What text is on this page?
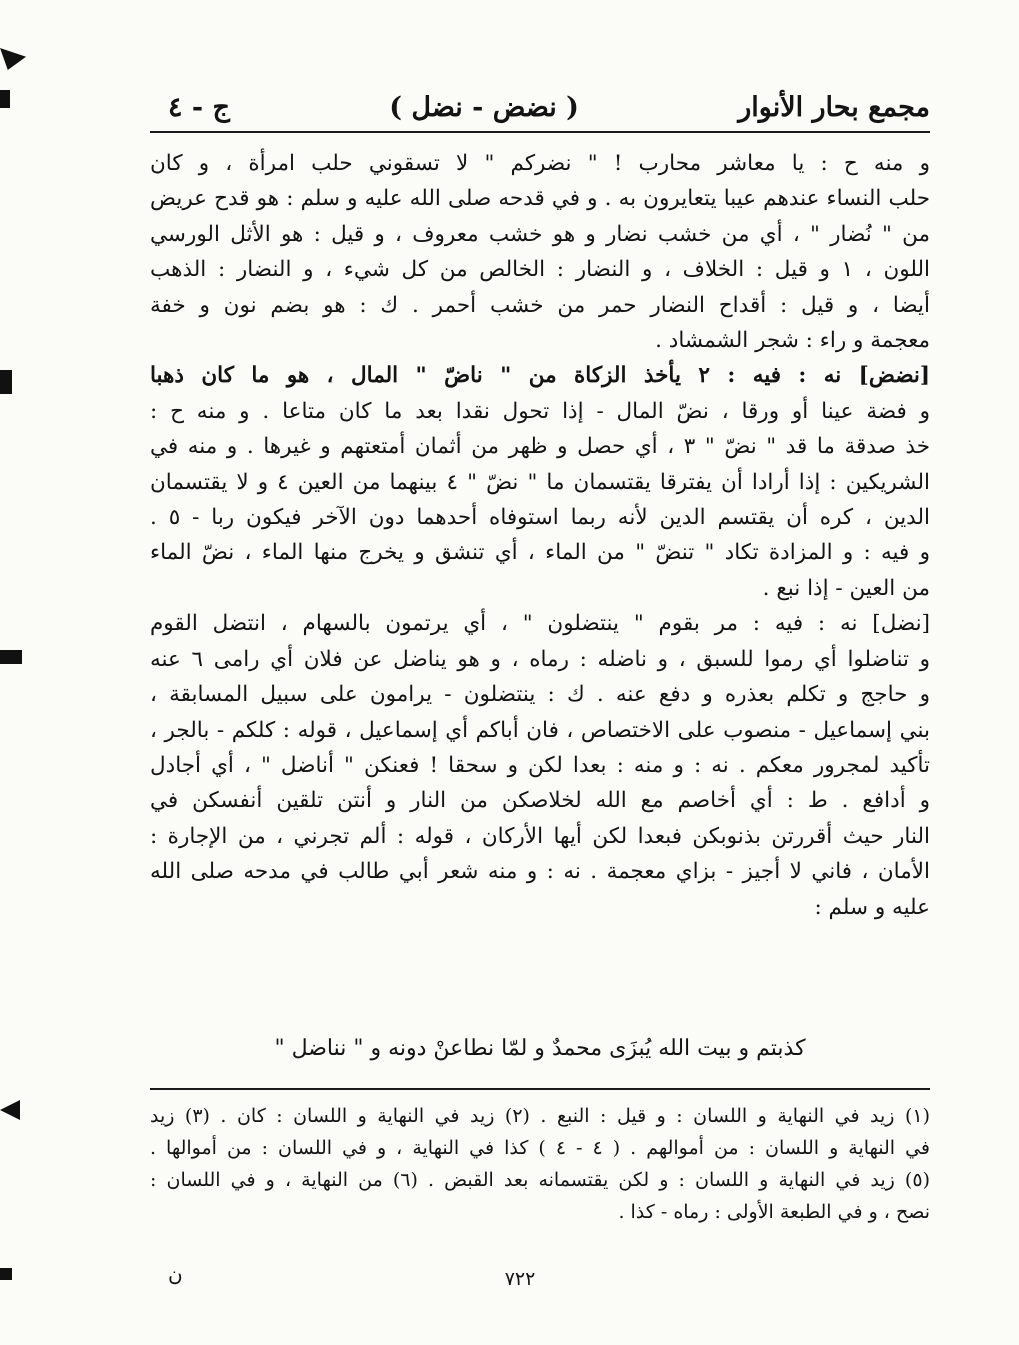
مجمع بحار الأنوار
( نضض - نضل )
ج - ٤
و منه ح : يا معاشر محارب ! " نضركم " لا تسقوني حلب امرأة ، و كان
حلب النساء عندهم عيبا يتعايرون به . و في قدحه صلى الله عليه و سلم : هو قدح عريض
من " نُضار " ، أي من خشب نضار و هو خشب معروف ، و قيل : هو الأثل الورسي
اللون ، ١ و قيل : الخلاف ، و النضار : الخالص من كل شيء ، و النضار : الذهب
أيضا ، و قيل : أقداح النضار حمر من خشب أحمر . ك : هو بضم نون و خفة
معجمة و راء : شجر الشمشاد .
[نضض] نه : فيه : ٢ يأخذ الزكاة من " ناضّ " المال ، هو ما كان ذهبا
و فضة عينا أو ورقا ، نضّ المال - إذا تحول نقدا بعد ما كان متاعا . و منه ح :
خذ صدقة ما قد " نضّ " ٣ ، أي حصل و ظهر من أثمان أمتعتهم و غيرها . و منه في
الشريكين : إذا أرادا أن يفترقا يقتسمان ما " نضّ " ٤ بينهما من العين ٤ و لا يقتسمان
الدين ، كره أن يقتسم الدين لأنه ربما استوفاه أحدهما دون الآخر فيكون ربا - ٥ .
و فيه : و المزادة تكاد " تنضّ " من الماء ، أي تنشق و يخرج منها الماء ، نضّ الماء
من العين - إذا نبع .
[نضل] نه : فيه : مر بقوم " ينتضلون " ، أي يرتمون بالسهام ، انتضل القوم
و تناضلوا أي رموا للسبق ، و ناضله : رماه ، و هو يناضل عن فلان أي رامى ٦ عنه
و حاجج و تكلم بعذره و دفع عنه . ك : ينتضلون - يرامون على سبيل المسابقة ،
بني إسماعيل - منصوب على الاختصاص ، فان أباكم أي إسماعيل ، قوله : كلكم - بالجر ،
تأكيد لمجرور معكم . نه : و منه : بعدا لكن و سحقا ! فعنكن " أناضل " ، أي أجادل
و أدافع . ط : أي أخاصم مع الله لخلاصكن من النار و أنتن تلقين أنفسكن في
النار حيث أقررتن بذنوبكن فبعدا لكن أيها الأركان ، قوله : ألم تجرني ، من الإجارة :
الأمان ، فاني لا أجيز - بزاي معجمة . نه : و منه شعر أبي طالب في مدحه صلى الله
عليه و سلم :
كذبتم و بيت الله يُبزَى محمدٌ و لمّا نطاعنْ دونه و " نناضل "
(١) زيد في النهاية و اللسان : و قيل : النبع . (٢) زيد في النهاية و اللسان : كان . (٣) زيد
في النهاية و اللسان : من أموالهم . ( ٤ - ٤ ) كذا في النهاية ، و في اللسان : من أموالها .
(٥) زيد في النهاية و اللسان : و لكن يقتسمانه بعد القبض . (٦) من النهاية ، و في اللسان :
نصح ، و في الطبعة الأولى : رماه - كذا .
٧٢٢
ن
